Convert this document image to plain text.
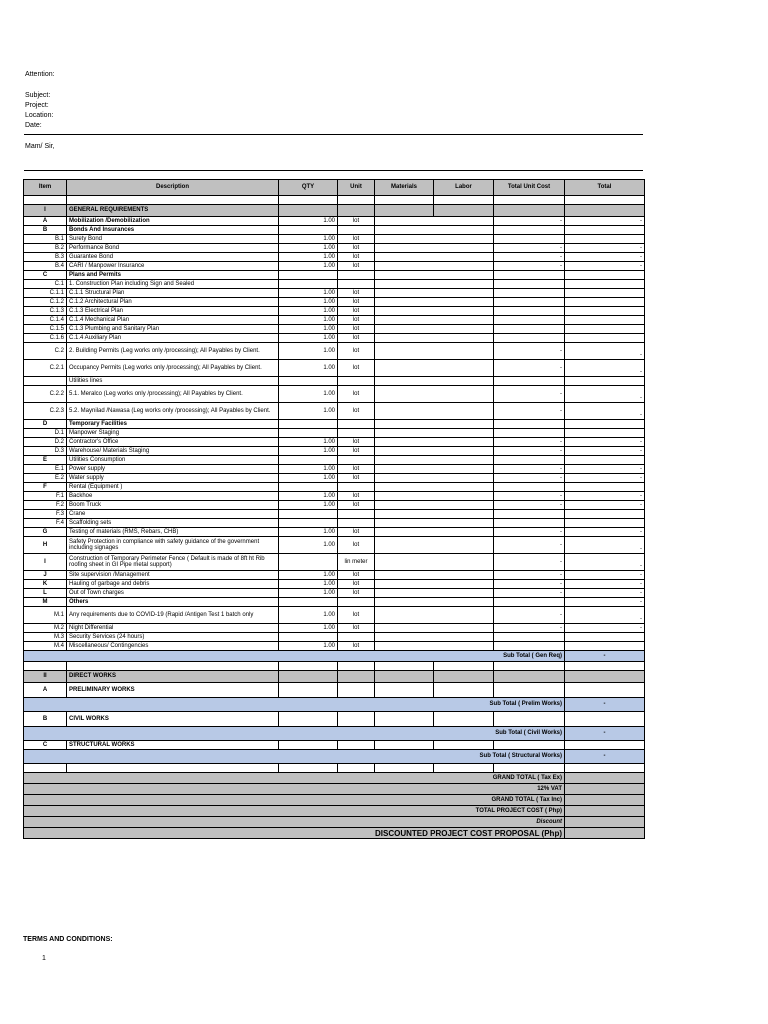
Attention:
Subject:
Project:
Location:
Date:
Mam/ Sir,
Item	Description	QTY	Unit	Materials	Labor	Total Unit Cost	Total

I	GENERAL REQUIREMENTS						
A	Mobilization /Demobilization	1.00	lot			-	-
B	Bonds And Insurances						
B.1	Surety Bond	1.00	lot				
B.2	Performance Bond	1.00	lot			-	-
B.3	Guarantee Bond	1.00	lot			-	-
B.4	CARI / Manpower Insurance	1.00	lot			-	-
C	Plans and Permits						
C.1	1. Construction Plan including Sign and Sealed						
C.1.1	C.1.1 Structural Plan	1.00	lot				
C.1.2	C.1.2 Architectural Plan	1.00	lot				
C.1.3	C.1.3 Electrical Plan	1.00	lot				
C.1.4	C.1.4 Mechanical Plan	1.00	lot				
C.1.5	C.1.3 Plumbing and Sanitary Plan	1.00	lot				
C.1.6	C.1.4 Auxiliary Plan	1.00	lot				
C.2	2. Building Permits (Leg works only /processing); All Payables by Client.	1.00	lot			-	-
C.2.1	Occupancy Permits (Leg works only /processing); All Payables by Client.	1.00	lot			-	-
	Utilities lines						
C.2.2	5.1. Meralco (Leg works only /processing); All Payables by Client.	1.00	lot			-	-
C.2.3	5.2. Maynilad /Nawasa (Leg works only /processing); All Payables by Client.	1.00	lot			-	-
D	Temporary Facilities						
D.1	Manpower Staging						
D.2	Contractor's Office	1.00	lot			-	-
D.3	Warehouse/ Materials Staging	1.00	lot			-	-
E	Utilities Consumption						
E.1	Power supply	1.00	lot			-	-
E.2	Water supply	1.00	lot			-	-
F	Rental (Equipment )						
F.1	Backhoe	1.00	lot			-	-
F.2	Boom Truck	1.00	lot			-	-
F.3	Crane						
F.4	Scaffolding sets						
G	Testing of materials (RMS, Rebars, CHB)	1.00	lot			-	-
H	Safety Protection in compliance with safety guidance of the government including signages	1.00	lot			-	-
I	Construction of Temporary Perimeter Fence ( Default is made of 8ft ht Rib roofing sheet in GI Pipe metal support)		lin meter			-	-
J	Site supervision /Management	1.00	lot			-	-
K	Hauling of garbage and debris	1.00	lot			-	-
L	Out of Town charges	1.00	lot			-	-
M	Others						-
M.1	Any requirements due to COVID-19 (Rapid /Antigen Test 1 batch only	1.00	lot			-	-
M.2	Night Differential	1.00	lot			-	-
M.3	Security Services (24 hours)						
M.4	Miscellaneous/ Contingencies	1.00	lot				
Sub Total ( Gen Req)							-

II	DIRECT WORKS						
A	PRELIMINARY WORKS						
Sub Total ( Prelim Works)							-
B	CIVIL WORKS						
Sub Total ( Civil Works)							-
C	STRUCTURAL WORKS						
Sub Total ( Structural Works)							-

GRAND TOTAL ( Tax Ex)							
12% VAT							
GRAND TOTAL ( Tax Inc)							
TOTAL PROJECT COST ( Php)							
Discount							
DISCOUNTED PROJECT COST PROPOSAL (Php)							
TERMS AND CONDITIONS:
1
